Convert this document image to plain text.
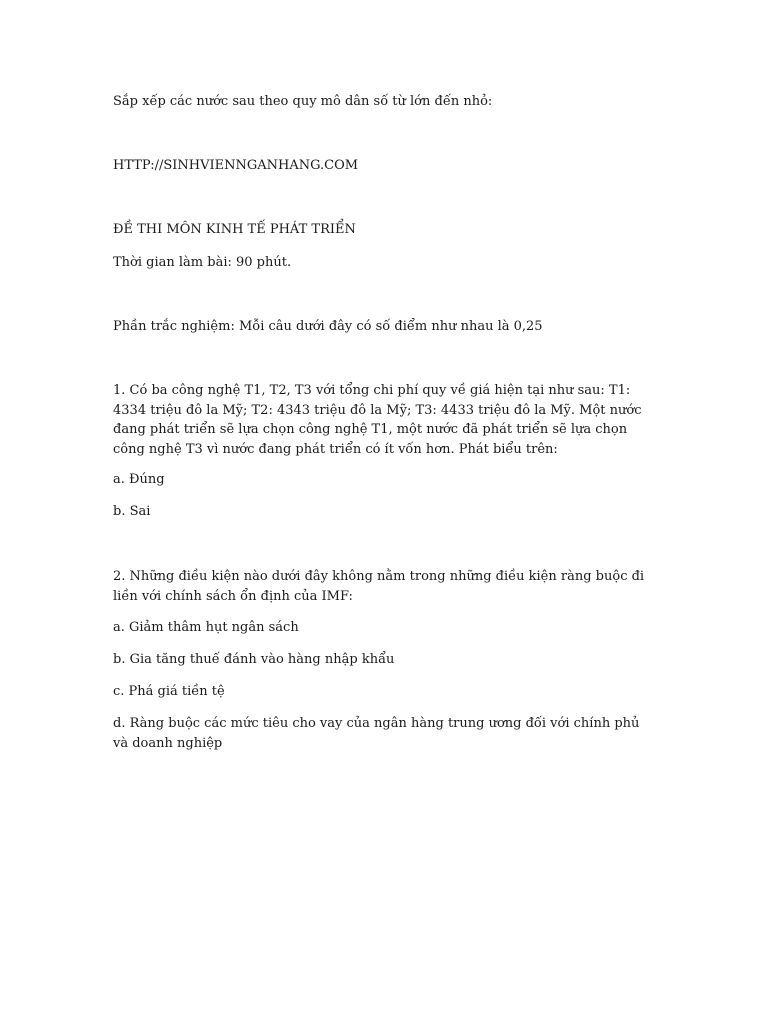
Sắp xếp các nước sau theo quy mô dân số từ lớn đến nhỏ:

HTTP://SINHVIENNGANHANG.COM

ĐỀ THI MÔN KINH TẾ PHÁT TRIỂN

Thời gian làm bài: 90 phút.

Phần trắc nghiệm: Mỗi câu dưới đây có số điểm như nhau là 0,25

1. Có ba công nghệ T1, T2, T3 với tổng chi phí quy về giá hiện tại như sau: T1: 4334 triệu đô la Mỹ; T2: 4343 triệu đô la Mỹ; T3: 4433 triệu đô la Mỹ. Một nước đang phát triển sẽ lựa chọn công nghệ T1, một nước đã phát triển sẽ lựa chọn công nghệ T3 vì nước đang phát triển có ít vốn hơn. Phát biểu trên:

a. Đúng

b. Sai

2. Những điều kiện nào dưới đây không nằm trong những điều kiện ràng buộc đi liền với chính sách ổn định của IMF:

a. Giảm thâm hụt ngân sách

b. Gia tăng thuế đánh vào hàng nhập khẩu

c. Phá giá tiền tệ

d. Ràng buộc các mức tiêu cho vay của ngân hàng trung ương đối với chính phủ và doanh nghiệp
